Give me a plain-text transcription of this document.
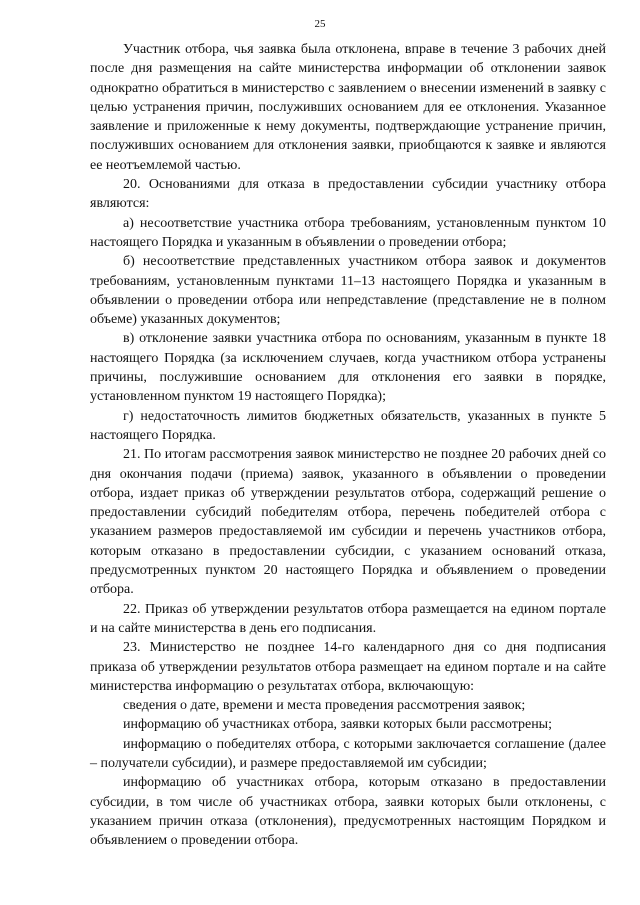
25

Участник отбора, чья заявка была отклонена, вправе в течение 3 рабочих дней после дня размещения на сайте министерства информации об отклонении заявок однократно обратиться в министерство с заявлением о внесении изменений в заявку с целью устранения причин, послуживших основанием для ее отклонения. Указанное заявление и приложенные к нему документы, подтверждающие устранение причин, послуживших основанием для отклонения заявки, приобщаются к заявке и являются ее неотъемлемой частью.

20. Основаниями для отказа в предоставлении субсидии участнику отбора являются:

а) несоответствие участника отбора требованиям, установленным пунктом 10 настоящего Порядка и указанным в объявлении о проведении отбора;

б) несоответствие представленных участником отбора заявок и документов требованиям, установленным пунктами 11–13 настоящего Порядка и указанным в объявлении о проведении отбора или непредставление (представление не в полном объеме) указанных документов;

в) отклонение заявки участника отбора по основаниям, указанным в пункте 18 настоящего Порядка (за исключением случаев, когда участником отбора устранены причины, послужившие основанием для отклонения его заявки в порядке, установленном пунктом 19 настоящего Порядка);

г) недостаточность лимитов бюджетных обязательств, указанных в пункте 5 настоящего Порядка.

21. По итогам рассмотрения заявок министерство не позднее 20 рабочих дней со дня окончания подачи (приема) заявок, указанного в объявлении о проведении отбора, издает приказ об утверждении результатов отбора, содержащий решение о предоставлении субсидий победителям отбора, перечень победителей отбора с указанием размеров предоставляемой им субсидии и перечень участников отбора, которым отказано в предоставлении субсидии, с указанием оснований отказа, предусмотренных пунктом 20 настоящего Порядка и объявлением о проведении отбора.

22. Приказ об утверждении результатов отбора размещается на едином портале и на сайте министерства в день его подписания.

23. Министерство не позднее 14-го календарного дня со дня подписания приказа об утверждении результатов отбора размещает на едином портале и на сайте министерства информацию о результатах отбора, включающую:

сведения о дате, времени и места проведения рассмотрения заявок;

информацию об участниках отбора, заявки которых были рассмотрены;

информацию о победителях отбора, с которыми заключается соглашение (далее – получатели субсидии), и размере предоставляемой им субсидии;

информацию об участниках отбора, которым отказано в предоставлении субсидии, в том числе об участниках отбора, заявки которых были отклонены, с указанием причин отказа (отклонения), предусмотренных настоящим Порядком и объявлением о проведении отбора.
